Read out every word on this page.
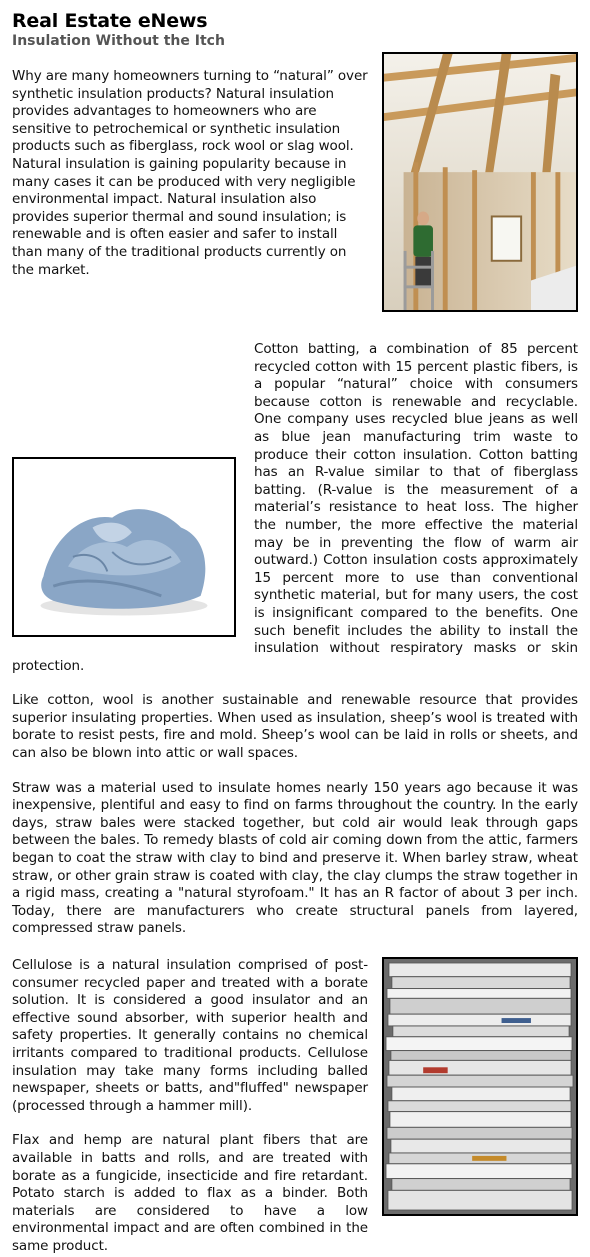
Real Estate eNews
Insulation Without the Itch

Why are many homeowners turning to “natural” over synthetic insulation products? Natural insulation provides advantages to homeowners who are sensitive to petrochemical or synthetic insulation products such as fiberglass, rock wool or slag wool. Natural insulation is gaining popularity because in many cases it can be produced with very negligible environmental impact. Natural insulation also provides superior thermal and sound insulation; is renewable and is often easier and safer to install than many of the traditional products currently on the market.

Cotton batting, a combination of 85 percent recycled cotton with 15 percent plastic fibers, is a popular “natural” choice with consumers because cotton is renewable and recyclable. One company uses recycled blue jeans as well as blue jean manufacturing trim waste to produce their cotton insulation. Cotton batting has an R-value similar to that of fiberglass batting. (R-value is the measurement of a material’s resistance to heat loss. The higher the number, the more effective the material may be in preventing the flow of warm air outward.) Cotton insulation costs approximately 15 percent more to use than conventional synthetic material, but for many users, the cost is insignificant compared to the benefits. One such benefit includes the ability to install the insulation without respiratory masks or skin protection.

Like cotton, wool is another sustainable and renewable resource that provides superior insulating properties. When used as insulation, sheep’s wool is treated with borate to resist pests, fire and mold. Sheep’s wool can be laid in rolls or sheets, and can also be blown into attic or wall spaces.

Straw was a material used to insulate homes nearly 150 years ago because it was inexpensive, plentiful and easy to find on farms throughout the country. In the early days, straw bales were stacked together, but cold air would leak through gaps between the bales. To remedy blasts of cold air coming down from the attic, farmers began to coat the straw with clay to bind and preserve it. When barley straw, wheat straw, or other grain straw is coated with clay, the clay clumps the straw together in a rigid mass, creating a "natural styrofoam." It has an R factor of about 3 per inch. Today, there are manufacturers who create structural panels from layered, compressed straw panels.

Cellulose is a natural insulation comprised of post-consumer recycled paper and treated with a borate solution. It is considered a good insulator and an effective sound absorber, with superior health and safety properties. It generally contains no chemical irritants compared to traditional products. Cellulose insulation may take many forms including balled newspaper, sheets or batts, and"fluffed" newspaper (processed through a hammer mill).

Flax and hemp are natural plant fibers that are available in batts and rolls, and are treated with borate as a fungicide, insecticide and fire retardant. Potato starch is added to flax as a binder. Both materials are considered to have a low environmental impact and are often combined in the same product.
